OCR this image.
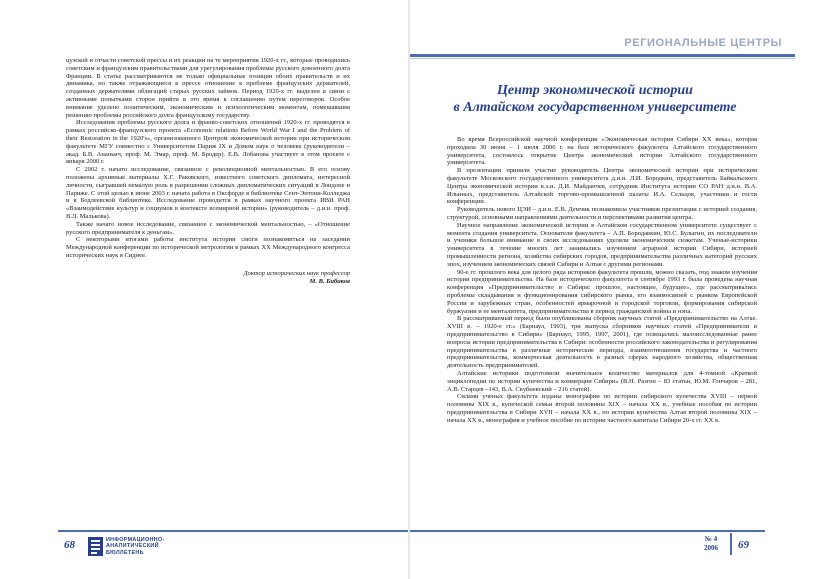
цузской и отчасти советской прессы и их реакции на те мероприятия 1920-х гг., которые проводились советским и французским правительствами для урегулирования проблемы русского довоенного долга Франции. В статье рассматриваются не только официальные позиции обоих правительств и их динамика, но также отражающиеся в прессе отношение к проблеме французских держателей, созданных держателями облигаций старых русских займов. Период 1920-х гг. выделен в связи с активными попытками сторон прийти в это время к соглашению путем переговоров. Особое внимание уделено политическим, экономическим и психологическим моментам, помешавшим решению проблемы российского долга французскому государству.

Исследования проблемы русского долга и франко-советских отношений 1920-х гг. проводятся в рамках российско-французского проекта «Economic relations Before World War I and the Problem of their Restoration in the 1920's», организованного Центром экономической истории при историческом факультете МГУ совместно с Университетом Париж IX и Домом наук о человеке (руководители – акад. Б.В. Ананьич, проф. М. Эмар, проф. М. Бродер). Е.В. Лобанова участвует в этом проекте с января 2000 г.

С 2002 г. начато исследование, связанное с революционной ментальностью. В его основу положены архивные материалы Х.Г. Раковского, известного советского дипломата, интересной личности, сыгравшей немалую роль в разрешении сложных дипломатических ситуаций в Лондоне и Париже. С этой целью в июне 2003 г. начата работа в Оксфорде в библиотеке Сент-Энтони-Колледжа и в Бодлеевской библиотеке. Исследование проводится в рамках научного проекта ИВИ РАН «Взаимодействие культур и социумов в контексте всемирной истории» (руководитель – д.и.н. проф. В.Л. Малькова).

Также начато новое исследование, связанное с экономической ментальностью, – «Отношение русского предпринимателя к деньгам».

С некоторыми итогами работы института истории смоги познакомиться на заседании Международной конференции по исторической метрологии в рамках XX Международного конгресса исторических наук в Сиднее.

Доктор исторических наук профессор
М. В. Бибиков
68	ИНФОРМАЦИОННО-
АНАЛИТИЧЕСКИЙ
БЮЛЛЕТЕНЬ
РЕГИОНАЛЬНЫЕ ЦЕНТРЫ
Центр экономической истории
в Алтайском государственном университете

Во время Всероссийской научной конференции «Экономическая история Сибири XX века», которая проходила 30 июня – 1 июля 2006 г. на базе исторического факультета Алтайского государственного университета, состоялось открытие Центра экономической истории Алтайского государственного университета.

В презентации приняли участие руководитель Центра экономической истории при историческом факультете Московского государственного университета д.и.н. Л.И. Бородкин, представитель Байкальского Центра экономической истории к.э.н. Д.И. Майданчев, сотрудник Института истории СО РАН д.и.н. В.А. Ильиных, представитель Алтайской торгово-промышленной палаты И.А. Сельцов, участники и гости конференции.

Руководитель нового ЦЭИ – д.и.н. Е.В. Демчик познакомила участников презентации с историей создания, структурой, основными направлениями деятельности и перспективами развития центра.

Научное направление экономической истории в Алтайском государственном университете существует с момента создания университета. Основатели факультета – А.П. Бородавкин, Ю.С. Булыгин, их последователи и ученики большое внимание в своих исследованиях уделяли экономическим сюжетам. Ученые-историки университета в течение многих лет занимались изучением аграрной истории Сибири, историей промышленности региона, хозяйства сибирских городов, предпринимательства различных категорий русских эпох, изучением экономических связей Сибири и Алтая с другими регионами.

90-е гг. прошлого века для целого ряда историков факультета прошли, можно сказать, под знаком изучения истории предпринимательства. На базе исторического факультета в сентябре 1993 г. была проведена научная конференция «Предпринимательство в Сибири: прошлое, настоящее, будущее», где рассматривались проблемы складывания и функционирования сибирского рынка, его взаимосвязей с рынком Европейской России и зарубежных стран, особенностей ярмарочной и городской торговли, формирования сибирской буржуазии и ее менталитета, предпринимательства в период гражданской войны и нэпа.

В рассматриваемый период были опубликованы сборник научных статей «Предпринимательство на Алтае. XVIII в. – 1920-е гг.» (Барнаул, 1993), три выпуска сборников научных статей «Предприниматели и предпринимательство в Сибири» (Барнаул, 1995, 1997, 2001), где освещались малоисследованные ранее вопросы истории предпринимательства в Сибири: особенности российского законодательства и регулирования предпринимательства в различные исторические периоды, взаимоотношения государства и частного предпринимательства, коммерческая деятельность в разных сферах народного хозяйства, общественная деятельность предпринимателей.

Алтайские историки подготовили значительное количество материалов для 4-томной «Краткой энциклопедии по истории купечества и коммерции Сибири» (В.Н. Разгон – 83 статьи, Ю.М. Гончаров – 281, А.В. Старцев –143, В.А. Скубневский – 216 статей).

Силами ученых факультета изданы монографии по истории сибирского купечества XVIII – первой половины XIX в., купеческой семьи второй половины XIX – начала XX в., учебные пособия по истории предпринимательства в Сибири XVII – начала XX в., по истории купечества Алтая второй половины XIX – начала XX в., монография и учебное пособие по истории частного капитала Сибири 20-х гг. XX в.

№ 4
2006 69
